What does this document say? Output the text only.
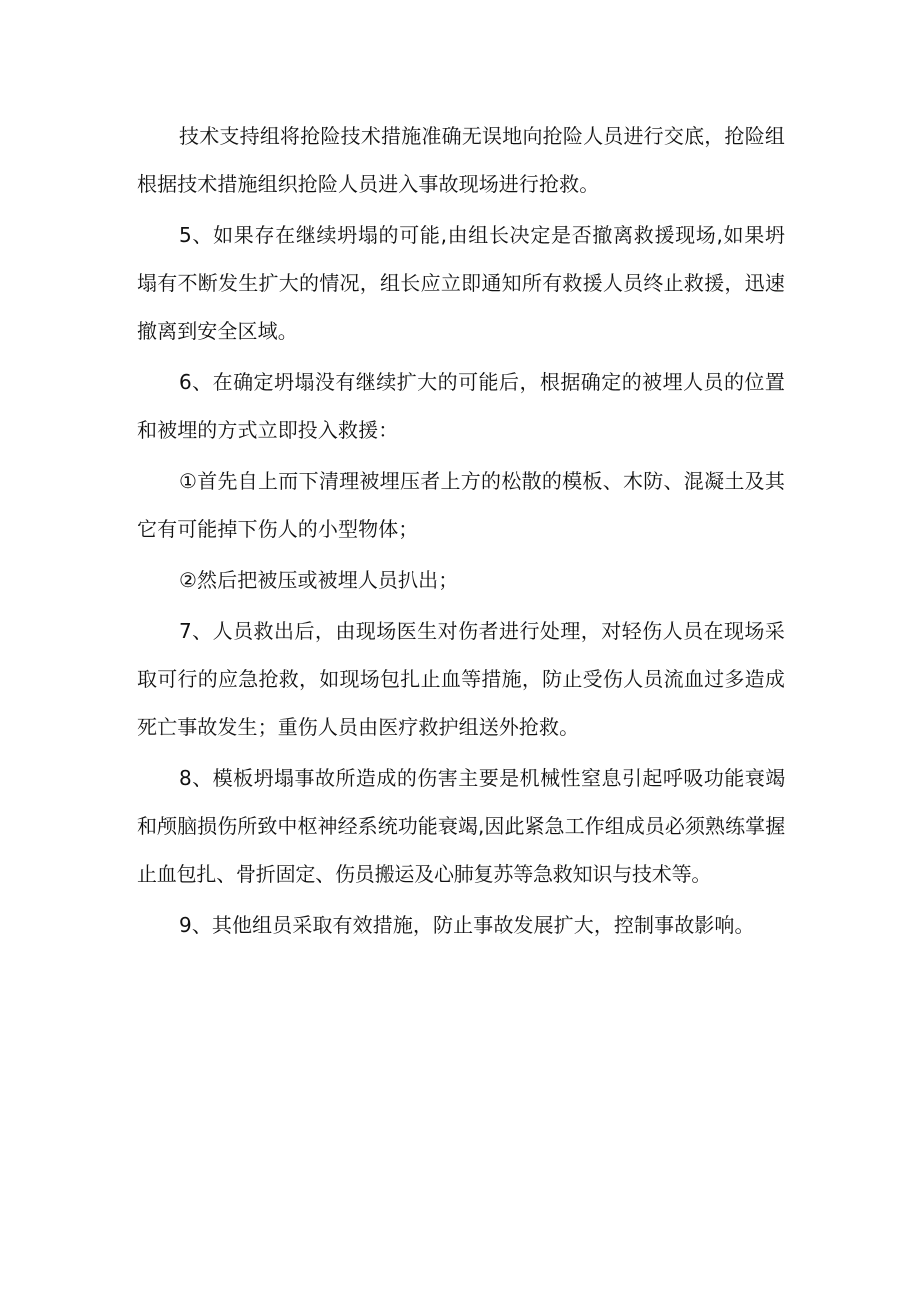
技术支持组将抢险技术措施准确无误地向抢险人员进行交底，抢险组根据技术措施组织抢险人员进入事故现场进行抢救。

5、如果存在继续坍塌的可能,由组长决定是否撤离救援现场,如果坍塌有不断发生扩大的情况，组长应立即通知所有救援人员终止救援，迅速撤离到安全区域。

6、在确定坍塌没有继续扩大的可能后，根据确定的被埋人员的位置和被埋的方式立即投入救援：

①首先自上而下清理被埋压者上方的松散的模板、木防、混凝土及其它有可能掉下伤人的小型物体；

②然后把被压或被埋人员扒出；

7、人员救出后，由现场医生对伤者进行处理，对轻伤人员在现场采取可行的应急抢救，如现场包扎止血等措施，防止受伤人员流血过多造成死亡事故发生；重伤人员由医疗救护组送外抢救。

8、模板坍塌事故所造成的伤害主要是机械性窒息引起呼吸功能衰竭和颅脑损伤所致中枢神经系统功能衰竭,因此紧急工作组成员必须熟练掌握止血包扎、骨折固定、伤员搬运及心肺复苏等急救知识与技术等。

9、其他组员采取有效措施，防止事故发展扩大，控制事故影响。
